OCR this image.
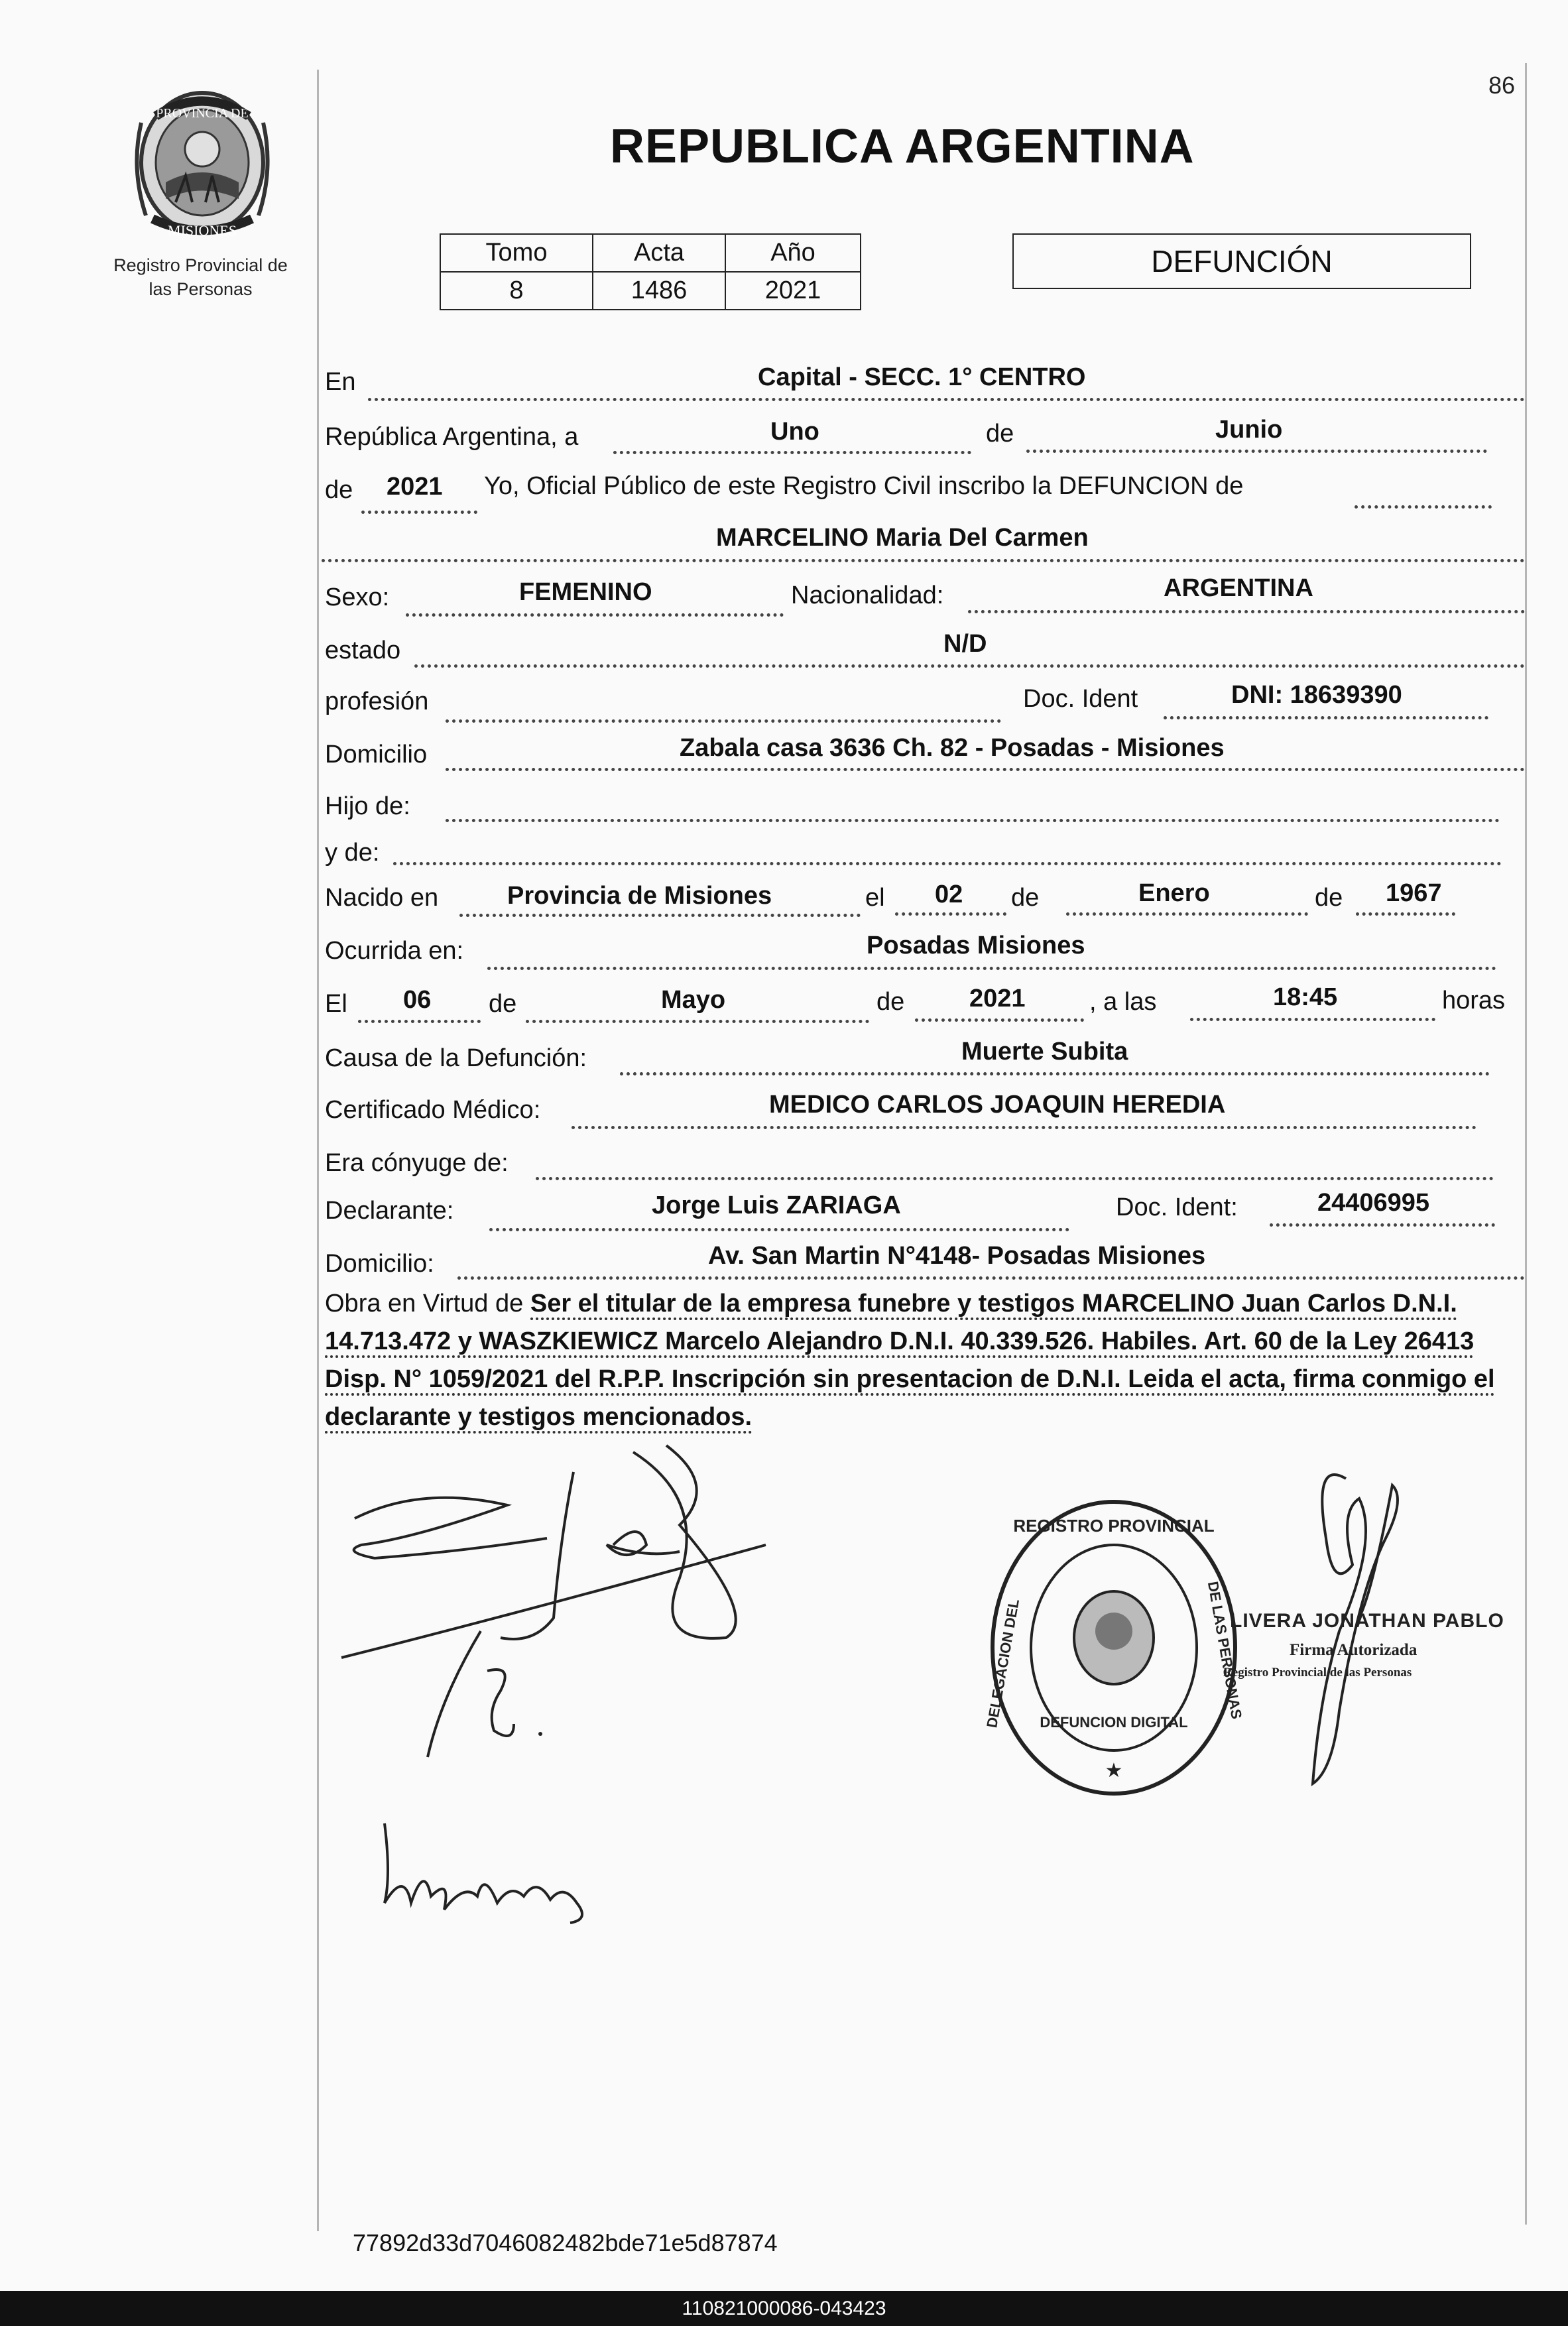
86
PROVINCIA DE
MISIONES
Registro Provincial de
las Personas
REPUBLICA ARGENTINA
Tomo	Acta	Año
8	1486	2021
DEFUNCIÓN
En	Capital - SECC. 1° CENTRO
República Argentina, a	Uno	de	Junio
de 2021 Yo, Oficial Público de este Registro Civil inscribo la DEFUNCION de
MARCELINO Maria Del Carmen
Sexo:	FEMENINO	Nacionalidad:	ARGENTINA
estado	N/D
profesión	Doc. Ident	DNI: 18639390
Domicilio	Zabala casa 3636 Ch. 82 - Posadas - Misiones
Hijo de:
y de:
Nacido en	Provincia de Misiones	el 02 de	Enero	de 1967
Ocurrida en:	Posadas Misiones
El 06 de	Mayo	de	2021	, a las	18:45	horas
Causa de la Defunción:	Muerte Subita
Certificado Médico:	MEDICO CARLOS JOAQUIN HEREDIA
Era cónyuge de:
Declarante:	Jorge Luis ZARIAGA	Doc. Ident:	24406995
Domicilio:	Av. San Martin N°4148- Posadas Misiones
Obra en Virtud de Ser el titular de la empresa funebre y testigos MARCELINO Juan Carlos D.N.I. 14.713.472 y WASZKIEWICZ Marcelo Alejandro D.N.I. 40.339.526. Habiles. Art. 60 de la Ley 26413 Disp. N° 1059/2021 del R.P.P. Inscripción sin presentacion de D.N.I. Leida el acta, firma conmigo el declarante y testigos mencionados.
REGISTRO PROVINCIAL
DELEGACION DEL	DE LAS PERSONAS
DEFUNCION DIGITAL
★
LIVERA JONATHAN PABLO
Firma Autorizada
Registro Provincial de las Personas
77892d33d7046082482bde71e5d87874
110821000086-043423
